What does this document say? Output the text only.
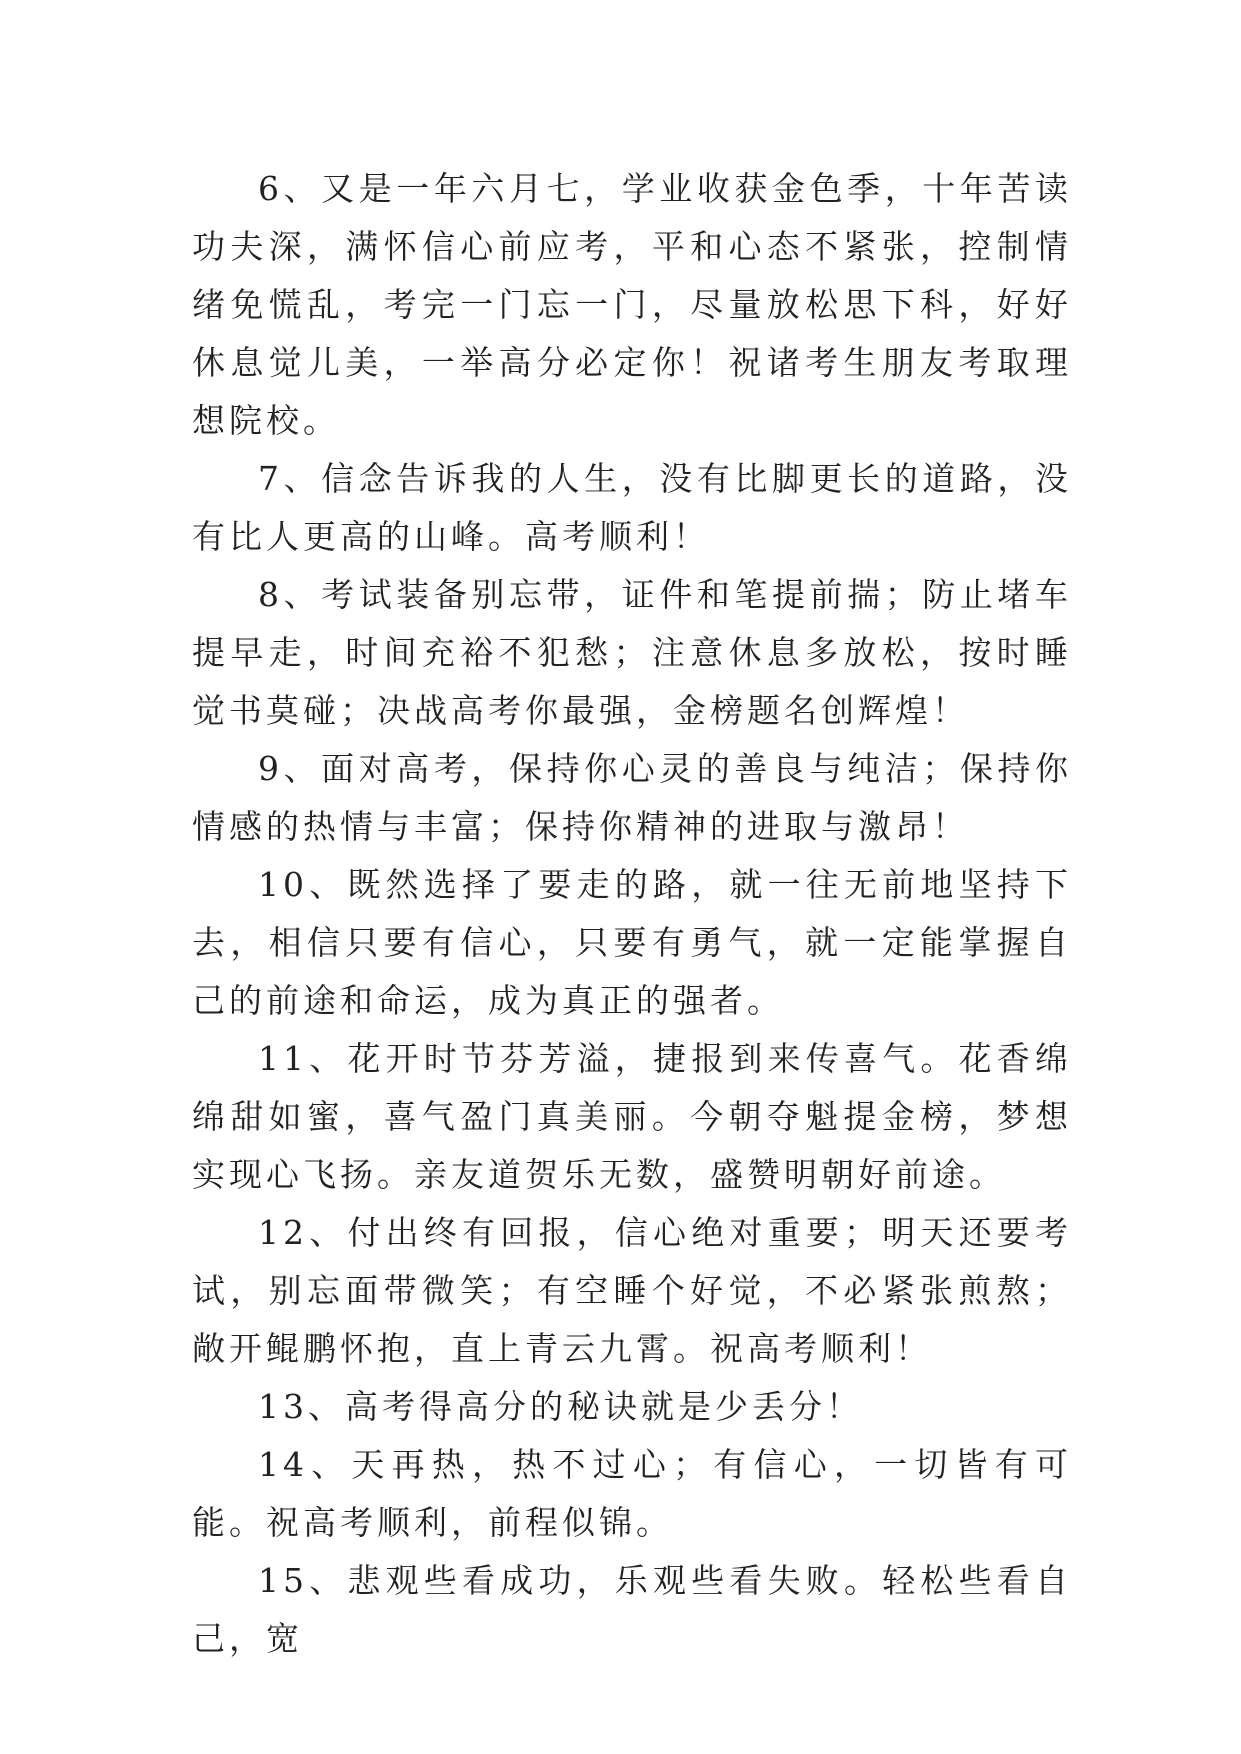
6、又是一年六月七，学业收获金色季，十年苦读功夫深，满怀信心前应考，平和心态不紧张，控制情绪免慌乱，考完一门忘一门，尽量放松思下科，好好休息觉儿美，一举高分必定你！祝诸考生朋友考取理想院校。

7、信念告诉我的人生，没有比脚更长的道路，没有比人更高的山峰。高考顺利！

8、考试装备别忘带，证件和笔提前揣；防止堵车提早走，时间充裕不犯愁；注意休息多放松，按时睡觉书莫碰；决战高考你最强，金榜题名创辉煌！

9、面对高考，保持你心灵的善良与纯洁；保持你情感的热情与丰富；保持你精神的进取与激昂！

10、既然选择了要走的路，就一往无前地坚持下去，相信只要有信心，只要有勇气，就一定能掌握自己的前途和命运，成为真正的强者。

11、花开时节芬芳溢，捷报到来传喜气。花香绵绵甜如蜜，喜气盈门真美丽。今朝夺魁提金榜，梦想实现心飞扬。亲友道贺乐无数，盛赞明朝好前途。

12、付出终有回报，信心绝对重要；明天还要考试，别忘面带微笑；有空睡个好觉，不必紧张煎熬；敞开鲲鹏怀抱，直上青云九霄。祝高考顺利！

13、高考得高分的秘诀就是少丢分！

14、天再热，热不过心；有信心，一切皆有可能。祝高考顺利，前程似锦。

15、悲观些看成功，乐观些看失败。轻松些看自己，宽
